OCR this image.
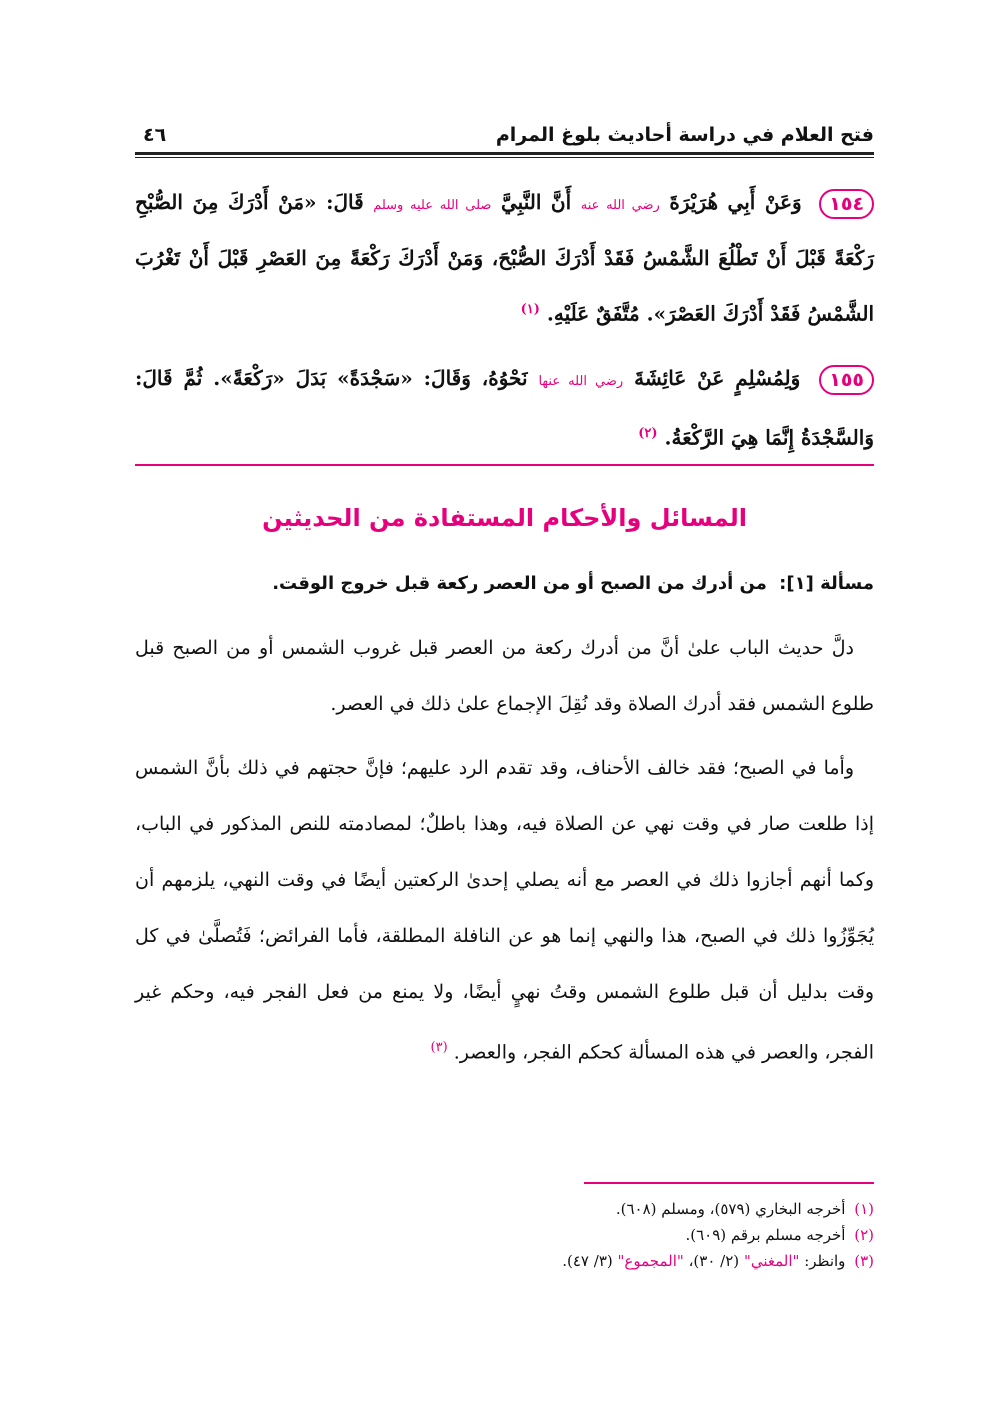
فتح العلام في دراسة أحاديث بلوغ المرام
٤٦
١٥٤ وَعَنْ أَبِي هُرَيْرَةَ رضي الله عنه أَنَّ النَّبِيَّ صلى الله عليه وسلم قَالَ: «مَنْ أَدْرَكَ مِنَ الصُّبْحِ رَكْعَةً قَبْلَ أَنْ تَطْلُعَ الشَّمْسُ فَقَدْ أَدْرَكَ الصُّبْحَ، وَمَنْ أَدْرَكَ رَكْعَةً مِنَ العَصْرِ قَبْلَ أَنْ تَغْرُبَ الشَّمْسُ فَقَدْ أَدْرَكَ العَصْرَ». مُتَّفَقٌ عَلَيْهِ. $^{(١)}$
١٥٥ وَلِمُسْلِمٍ عَنْ عَائِشَةَ رضي الله عنها نَحْوُهُ، وَقَالَ: «سَجْدَةً» بَدَلَ «رَكْعَةً». ثُمَّ قَالَ: وَالسَّجْدَةُ إِنَّمَا هِيَ الرَّكْعَةُ. $^{(٢)}$
المسائل والأحكام المستفادة من الحديثين
مسألة [١]: من أدرك من الصبح أو من العصر ركعة قبل خروج الوقت.
دلَّ حديث الباب علىٰ أنَّ من أدرك ركعة من العصر قبل غروب الشمس أو من الصبح قبل طلوع الشمس فقد أدرك الصلاة وقد نُقِلَ الإجماع علىٰ ذلك في العصر.
وأما في الصبح؛ فقد خالف الأحناف، وقد تقدم الرد عليهم؛ فإنَّ حجتهم في ذلك بأنَّ الشمس إذا طلعت صار في وقت نهي عن الصلاة فيه، وهذا باطلٌ؛ لمصادمته للنص المذكور في الباب، وكما أنهم أجازوا ذلك في العصر مع أنه يصلي إحدىٰ الركعتين أيضًا في وقت النهي، يلزمهم أن يُجَوِّزُوا ذلك في الصبح، هذا والنهي إنما هو عن النافلة المطلقة، فأما الفرائض؛ فَتُصلَّىٰ في كل وقت بدليل أن قبل طلوع الشمس وقتُ نهيٍ أيضًا، ولا يمنع من فعل الفجر فيه، وحكم غير الفجر، والعصر في هذه المسألة كحكم الفجر، والعصر. $^{(٣)}$
(١) أخرجه البخاري (٥٧٩)، ومسلم (٦٠٨).
(٢) أخرجه مسلم برقم (٦٠٩).
(٣) وانظر: "المغني" (٢/ ٣٠)، "المجموع" (٣/ ٤٧).
